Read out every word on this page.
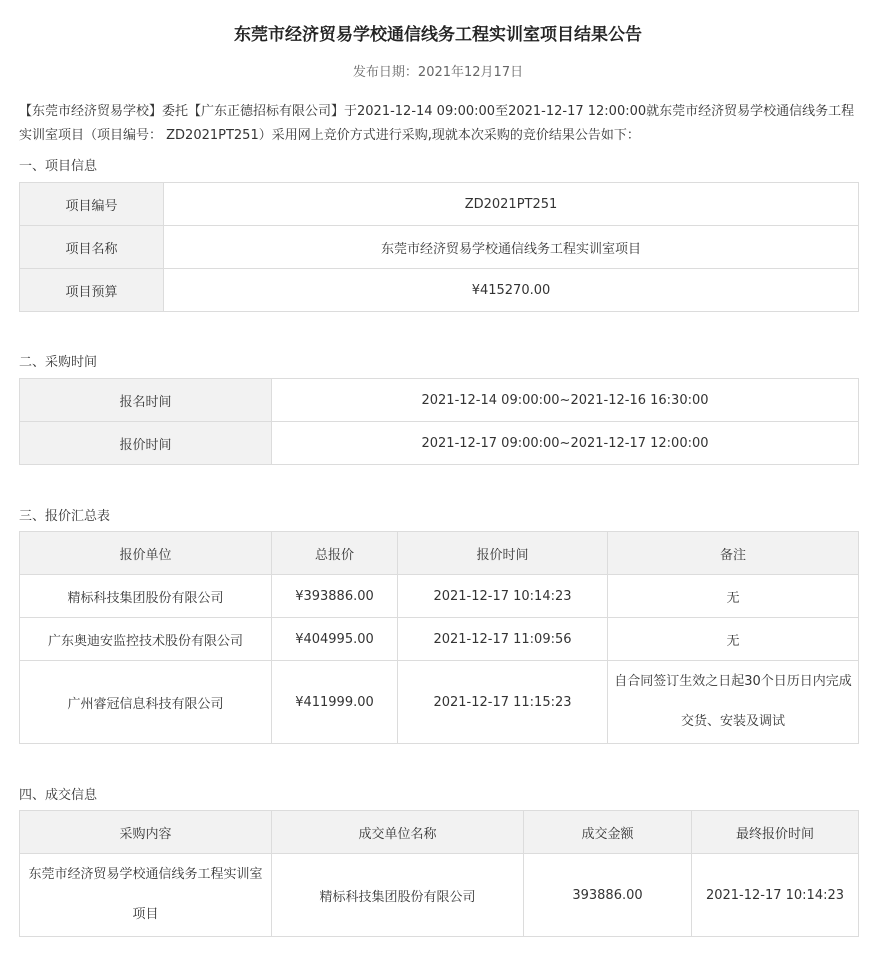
东莞市经济贸易学校通信线务工程实训室项目结果公告
发布日期：2021年12月17日
【东莞市经济贸易学校】委托【广东正德招标有限公司】于2021-12-14 09:00:00至2021-12-17 12:00:00就东莞市经济贸易学校通信线务工程实训室项目（项目编号： ZD2021PT251）采用网上竞价方式进行采购,现就本次采购的竞价结果公告如下：
一、项目信息
项目编号	ZD2021PT251
项目名称	东莞市经济贸易学校通信线务工程实训室项目
项目预算	¥415270.00
二、采购时间
报名时间	2021-12-14 09:00:00~2021-12-16 16:30:00
报价时间	2021-12-17 09:00:00~2021-12-17 12:00:00
三、报价汇总表
报价单位	总报价	报价时间	备注
精标科技集团股份有限公司	¥393886.00	2021-12-17 10:14:23	无
广东奥迪安监控技术股份有限公司	¥404995.00	2021-12-17 11:09:56	无
广州睿冠信息科技有限公司	¥411999.00	2021-12-17 11:15:23	自合同签订生效之日起30个日历日内完成交货、安装及调试
四、成交信息
采购内容	成交单位名称	成交金额	最终报价时间
东莞市经济贸易学校通信线务工程实训室项目	精标科技集团股份有限公司	393886.00	2021-12-17 10:14:23
